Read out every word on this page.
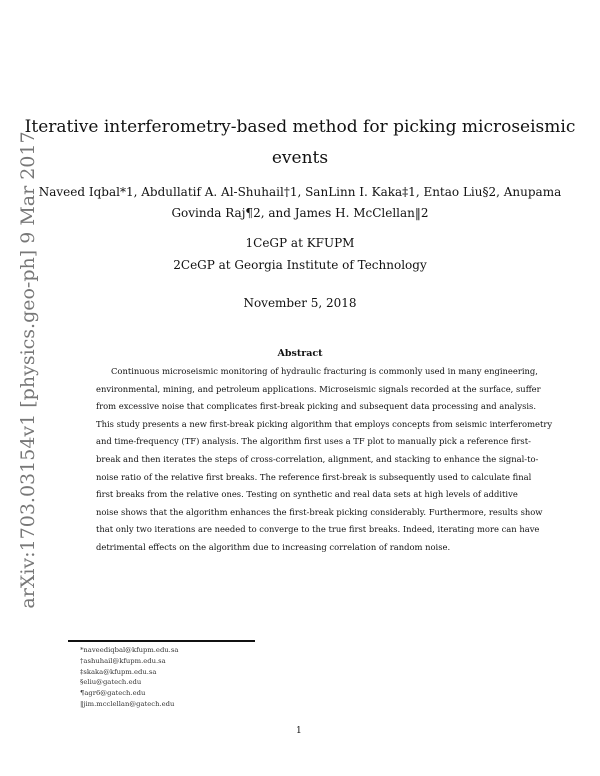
arXiv:1703.03154v1 [physics.geo-ph] 9 Mar 2017
Iterative interferometry-based method for picking microseismic
events
Naveed Iqbal*1, Abdullatif A. Al-Shuhail†1, SanLinn I. Kaka‡1, Entao Liu§2, Anupama
Govinda Raj¶2, and James H. McClellan‖2
1CeGP at KFUPM
2CeGP at Georgia Institute of Technology
November 5, 2018
Abstract
Continuous microseismic monitoring of hydraulic fracturing is commonly used in many engineering,
environmental, mining, and petroleum applications. Microseismic signals recorded at the surface, suffer
from excessive noise that complicates first-break picking and subsequent data processing and analysis.
This study presents a new first-break picking algorithm that employs concepts from seismic interferometry
and time-frequency (TF) analysis. The algorithm first uses a TF plot to manually pick a reference first-
break and then iterates the steps of cross-correlation, alignment, and stacking to enhance the signal-to-
noise ratio of the relative first breaks. The reference first-break is subsequently used to calculate final
first breaks from the relative ones. Testing on synthetic and real data sets at high levels of additive
noise shows that the algorithm enhances the first-break picking considerably. Furthermore, results show
that only two iterations are needed to converge to the true first breaks. Indeed, iterating more can have
detrimental effects on the algorithm due to increasing correlation of random noise.
*naveediqbal@kfupm.edu.sa
†ashuhail@kfupm.edu.sa
‡skaka@kfupm.edu.sa
§eliu@gatech.edu
¶agr6@gatech.edu
‖jim.mcclellan@gatech.edu
1
